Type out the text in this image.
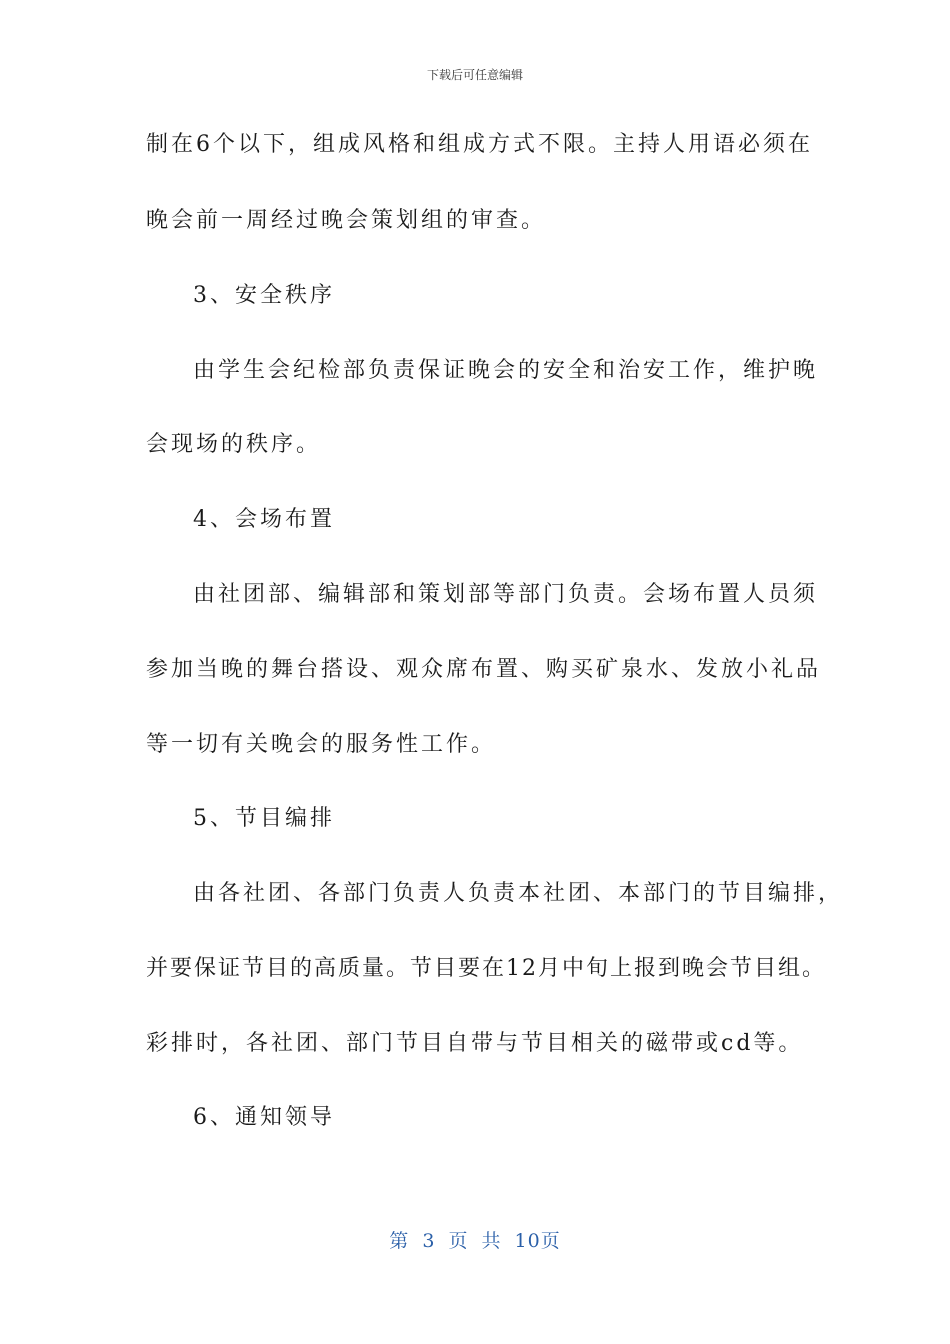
下载后可任意编辑
制在6个以下，组成风格和组成方式不限。主持人用语必须在
晚会前一周经过晚会策划组的审查。
3、安全秩序
由学生会纪检部负责保证晚会的安全和治安工作，维护晚
会现场的秩序。
4、会场布置
由社团部、编辑部和策划部等部门负责。会场布置人员须
参加当晚的舞台搭设、观众席布置、购买矿泉水、发放小礼品
等一切有关晚会的服务性工作。
5、节目编排
由各社团、各部门负责人负责本社团、本部门的节目编排，
并要保证节目的高质量。节目要在12月中旬上报到晚会节目组。
彩排时，各社团、部门节目自带与节目相关的磁带或cd等。
6、通知领导
第 3 页 共 10页
